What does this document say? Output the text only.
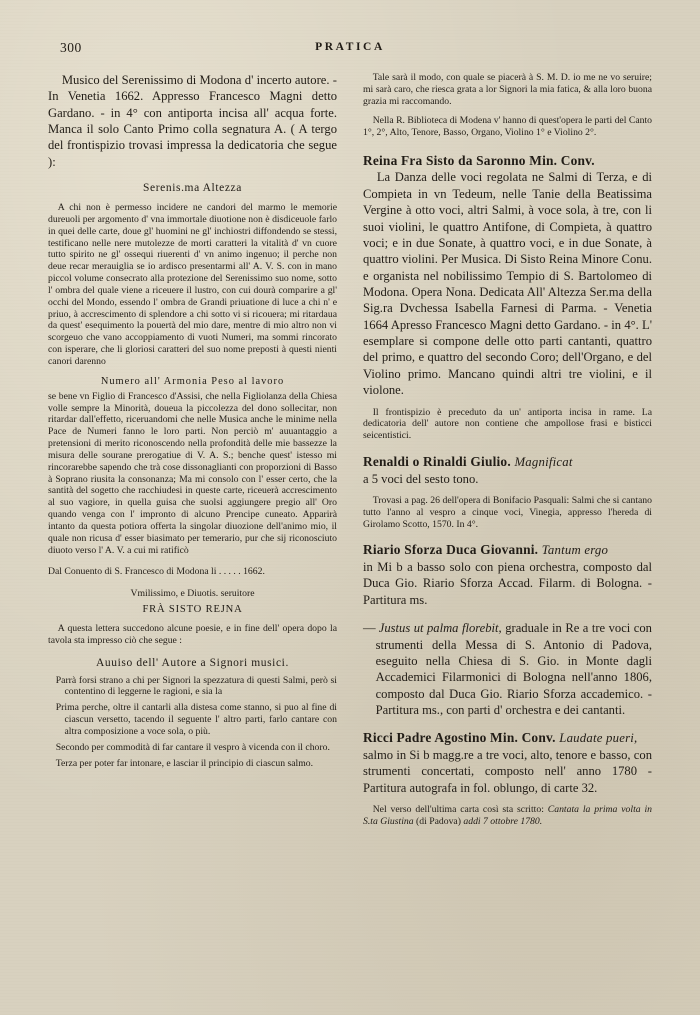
300	PRATICA

Musico del Serenissimo di Modona d' incerto autore. - In Venetia 1662. Appresso Francesco Magni detto Gardano. - in 4° con antiporta incisa all' acqua forte. Manca il solo Canto Primo colla segnatura A. ( A tergo del frontispizio trovasi impressa la dedicatoria che segue ):

Serenis.ma Altezza

A chi non è permesso incidere ne candori del marmo le memorie dureuoli per argomento d' vna immortale diuotione non è disdiceuole farlo in quei delle carte, doue gl' huomini ne gl' inchiostri diffondendo se stessi, testificano nelle nere mutolezze de morti caratteri la vitalità d' vn cuore tutto spirito ne gl' ossequi riuerenti d' vn animo ingenuo; il perche non deue recar merauiglia se io ardisco presentarmi all' A. V. S. con in mano piccol volume consecrato alla protezione del Serenissimo suo nome, sotto l' ombra del quale viene a riceuere il lustro, con cui dourà comparire a gl' occhi del Mondo, essendo l' ombra de Grandi priuatione di luce a chi n' e priuo, à accrescimento di splendore a chi sotto vi si ricouera; mi ritardaua da quest' esequimento la pouertà del mio dare, mentre di mio altro non vi scorgeuo che vano accoppiamento di vuoti Numeri, ma sommi rincorato con isperare, che li gloriosi caratteri del suo nome preposti à questi nienti canori darenno

Numero all' Armonia Peso al lavoro

se bene vn Figlio di Francesco d'Assisi, che nella Figliolanza della Chiesa volle sempre la Minorità, doueua la piccolezza del dono sollecitar, non ritardar dall'effetto, riceruandomi che nelle Musica anche le minime nella Pace de Numeri fanno le loro parti. Non perciò m' auuantaggio a pretensioni di merito riconoscendo nella profondità delle mie bassezze la misura delle sourane prerogatiue di V. A. S.; benche quest' istesso mi rincorarebbe sapendo che trà cose dissonaglianti con proporzioni di Basso à Soprano riusita la consonanza; Ma mi consolo con l' esser certo, che la santità del sogetto che racchiudesi in queste carte, riceuerà accrescimento al suo vagiore, in quella guisa che suolsi aggiungere pregio all' Oro quando venga con l' impronto di alcuno Prencipe cuneato. Apparirà intanto da questa potiora offerta la singolar diuozione dell'animo mio, il quale non ricusa d' esser biasimato per temerario, pur che sij riconosciuto diuoto verso l' A. V. a cui mi ratificò

Dal Conuento di S. Francesco di Modona li . . . . . 1662.

Vmilissimo, e Diuotis. seruitore

FRÀ SISTO REJNA

A questa lettera succedono alcune poesie, e in fine dell' opera dopo la tavola sta impresso ciò che segue :

Auuiso dell' Autore a Signori musici.

Parrà forsi strano a chi per Signori la spezzatura di questi Salmi, però si contentino di leggerne le ragioni, e sia la

Prima perche, oltre il cantarli alla distesa come stanno, si puo al fine di ciascun versetto, tacendo il seguente l' altro parti, farlo cantare con altra composizione a voce sola, o più.

Secondo per commodità di far cantare il vespro à vicenda con il choro.

Terza per poter far intonare, e lasciar il principio di ciascun salmo.

Tale sarà il modo, con quale se piacerà à S. M. D. io me ne vo seruire; mi sarà caro, che riesca grata a lor Signori la mia fatica, & alla loro buona grazia mi raccomando.

Nella R. Biblioteca di Modena v' hanno di quest'opera le parti del Canto 1°, 2°, Alto, Tenore, Basso, Organo, Violino 1° e Violino 2°.

Reina Fra Sisto da Saronno Min. Conv.

La Danza delle voci regolata ne Salmi di Terza, e di Compieta in vn Tedeum, nelle Tanie della Beatissima Vergine à otto voci, altri Salmi, à voce sola, à tre, con li suoi violini, le quattro Antifone, di Compieta, à quattro voci; e in due Sonate, à quattro voci, e in due Sonate, à quattro violini. Per Musica. Di Sisto Reina Minore Conu. e organista nel nobilissimo Tempio di S. Bartolomeo di Modona. Opera Nona. Dedicata All' Altezza Ser.ma della Sig.ra Dvchessa Isabella Farnesi di Parma. - Venetia 1664 Apresso Francesco Magni detto Gardano. - in 4°. L' esemplare si compone delle otto parti cantanti, quattro del primo, e quattro del secondo Coro; dell'Organo, e del Violino primo. Mancano quindi altri tre violini, e il violone.

Il frontispizio è preceduto da un' antiporta incisa in rame. La dedicatoria dell' autore non contiene che ampollose frasi e bisticci seicentistici.

Renaldi o Rinaldi Giulio. Magnificat

a 5 voci del sesto tono.

Trovasi a pag. 26 dell'opera di Bonifacio Pasquali: Salmi che si cantano tutto l'anno al vespro a cinque voci, Vinegia, appresso l'hereda di Girolamo Scotto, 1570. In 4°.

Riario Sforza Duca Giovanni. Tantum ergo

in Mi b a basso solo con piena orchestra, composto dal Duca Gio. Riario Sforza Accad. Filarm. di Bologna. - Partitura ms.

— Justus ut palma florebit, graduale in Re a tre voci con strumenti della Messa di S. Antonio di Padova, eseguito nella Chiesa di S. Gio. in Monte dagli Accademici Filarmonici di Bologna nell'anno 1806, composto dal Duca Gio. Riario Sforza accademico. - Partitura ms., con parti d' orchestra e dei cantanti.

Ricci Padre Agostino Min. Conv. Laudate pueri,

salmo in Si b magg.re a tre voci, alto, tenore e basso, con strumenti concertati, composto nell' anno 1780 - Partitura autografa in fol. oblungo, di carte 32.

Nel verso dell'ultima carta così sta scritto: Cantata la prima volta in S.ta Giustina (di Padova) addi 7 ottobre 1780.
